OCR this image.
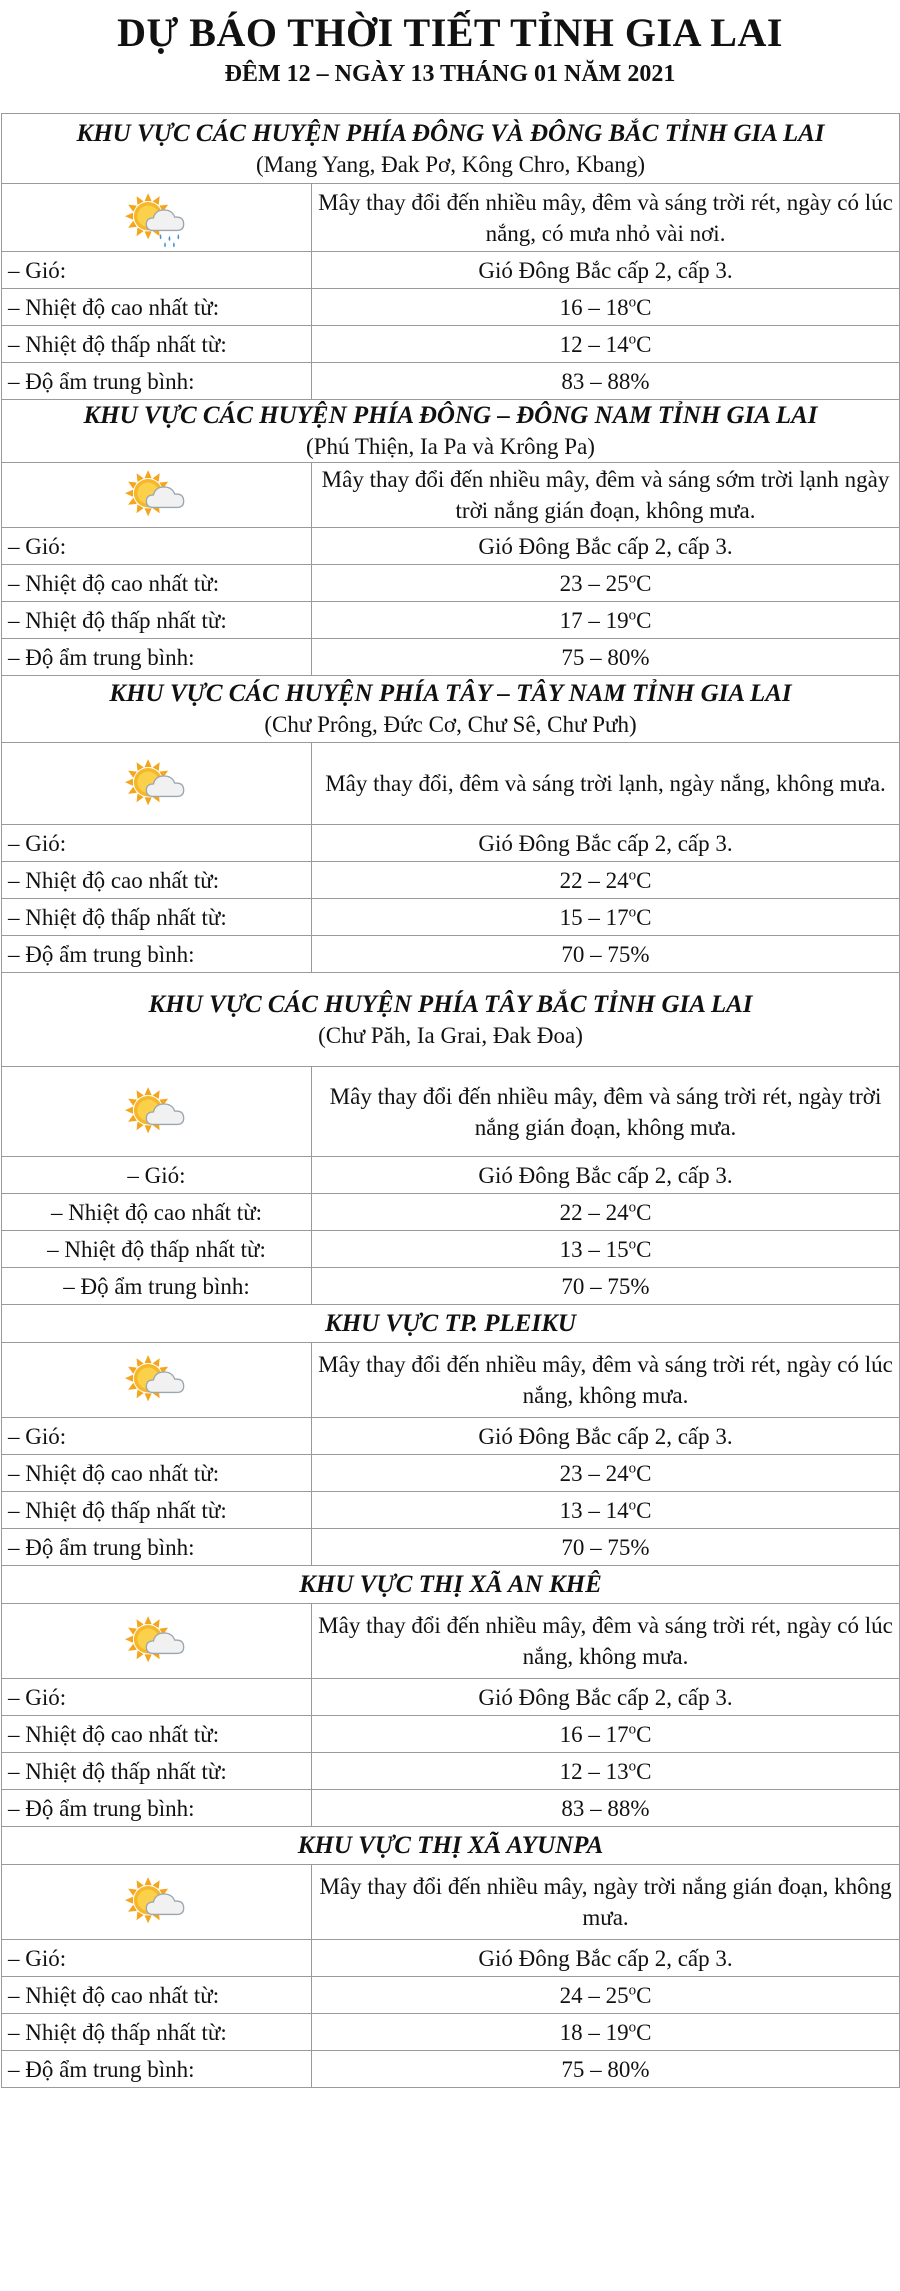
DỰ BÁO THỜI TIẾT TỈNH GIA LAI
ĐÊM 12 – NGÀY 13 THÁNG 01 NĂM 2021
KHU VỰC CÁC HUYỆN PHÍA ĐÔNG VÀ ĐÔNG BẮC TỈNH GIA LAI
(Mang Yang, Đak Pơ, Kông Chro, Kbang)	

	Mây thay đổi đến nhiều mây, đêm và sáng trời rét, ngày có lúc nắng, có mưa nhỏ vài nơi.
– Gió:	Gió Đông Bắc cấp 2, cấp 3.
– Nhiệt độ cao nhất từ:	16 – 18$^o$C
– Nhiệt độ thấp nhất từ:	12 – 14$^o$C
– Độ ẩm trung bình:	83 – 88%

KHU VỰC CÁC HUYỆN PHÍA ĐÔNG – ĐÔNG NAM TỈNH GIA LAI
(Phú Thiện, Ia Pa và Krông Pa)	

	Mây thay đổi đến nhiều mây, đêm và sáng sớm trời lạnh ngày trời nắng gián đoạn, không mưa.
– Gió:	Gió Đông Bắc cấp 2, cấp 3.
– Nhiệt độ cao nhất từ:	23 – 25$^o$C
– Nhiệt độ thấp nhất từ:	17 – 19$^o$C
– Độ ẩm trung bình:	75 – 80%

KHU VỰC CÁC HUYỆN PHÍA TÂY – TÂY NAM TỈNH GIA LAI
(Chư Prông, Đức Cơ, Chư Sê, Chư Pưh)	

	Mây thay đổi, đêm và sáng trời lạnh, ngày nắng, không mưa.
– Gió:	Gió Đông Bắc cấp 2, cấp 3.
– Nhiệt độ cao nhất từ:	22 – 24$^o$C
– Nhiệt độ thấp nhất từ:	15 – 17$^o$C
– Độ ẩm trung bình:	70 – 75%

KHU VỰC CÁC HUYỆN PHÍA TÂY BẮC TỈNH GIA LAI
(Chư Păh, Ia Grai, Đak Đoa)	

	Mây thay đổi đến nhiều mây, đêm và sáng trời rét, ngày trời nắng gián đoạn, không mưa.
– Gió:	Gió Đông Bắc cấp 2, cấp 3.
– Nhiệt độ cao nhất từ:	22 – 24$^o$C
– Nhiệt độ thấp nhất từ:	13 – 15$^o$C
– Độ ẩm trung bình:	70 – 75%

KHU VỰC TP. PLEIKU	

	Mây thay đổi đến nhiều mây, đêm và sáng trời rét, ngày có lúc nắng, không mưa.
– Gió:	Gió Đông Bắc cấp 2, cấp 3.
– Nhiệt độ cao nhất từ:	23 – 24$^o$C
– Nhiệt độ thấp nhất từ:	13 – 14$^o$C
– Độ ẩm trung bình:	70 – 75%

KHU VỰC THỊ XÃ AN KHÊ	

	Mây thay đổi đến nhiều mây, đêm và sáng trời rét, ngày có lúc nắng, không mưa.
– Gió:	Gió Đông Bắc cấp 2, cấp 3.
– Nhiệt độ cao nhất từ:	16 – 17$^o$C
– Nhiệt độ thấp nhất từ:	12 – 13$^o$C
– Độ ẩm trung bình:	83 – 88%

KHU VỰC THỊ XÃ AYUNPA	

	Mây thay đổi đến nhiều mây, ngày trời nắng gián đoạn, không mưa.
– Gió:	Gió Đông Bắc cấp 2, cấp 3.
– Nhiệt độ cao nhất từ:	24 – 25$^o$C
– Nhiệt độ thấp nhất từ:	18 – 19$^o$C
– Độ ẩm trung bình:	75 – 80%
